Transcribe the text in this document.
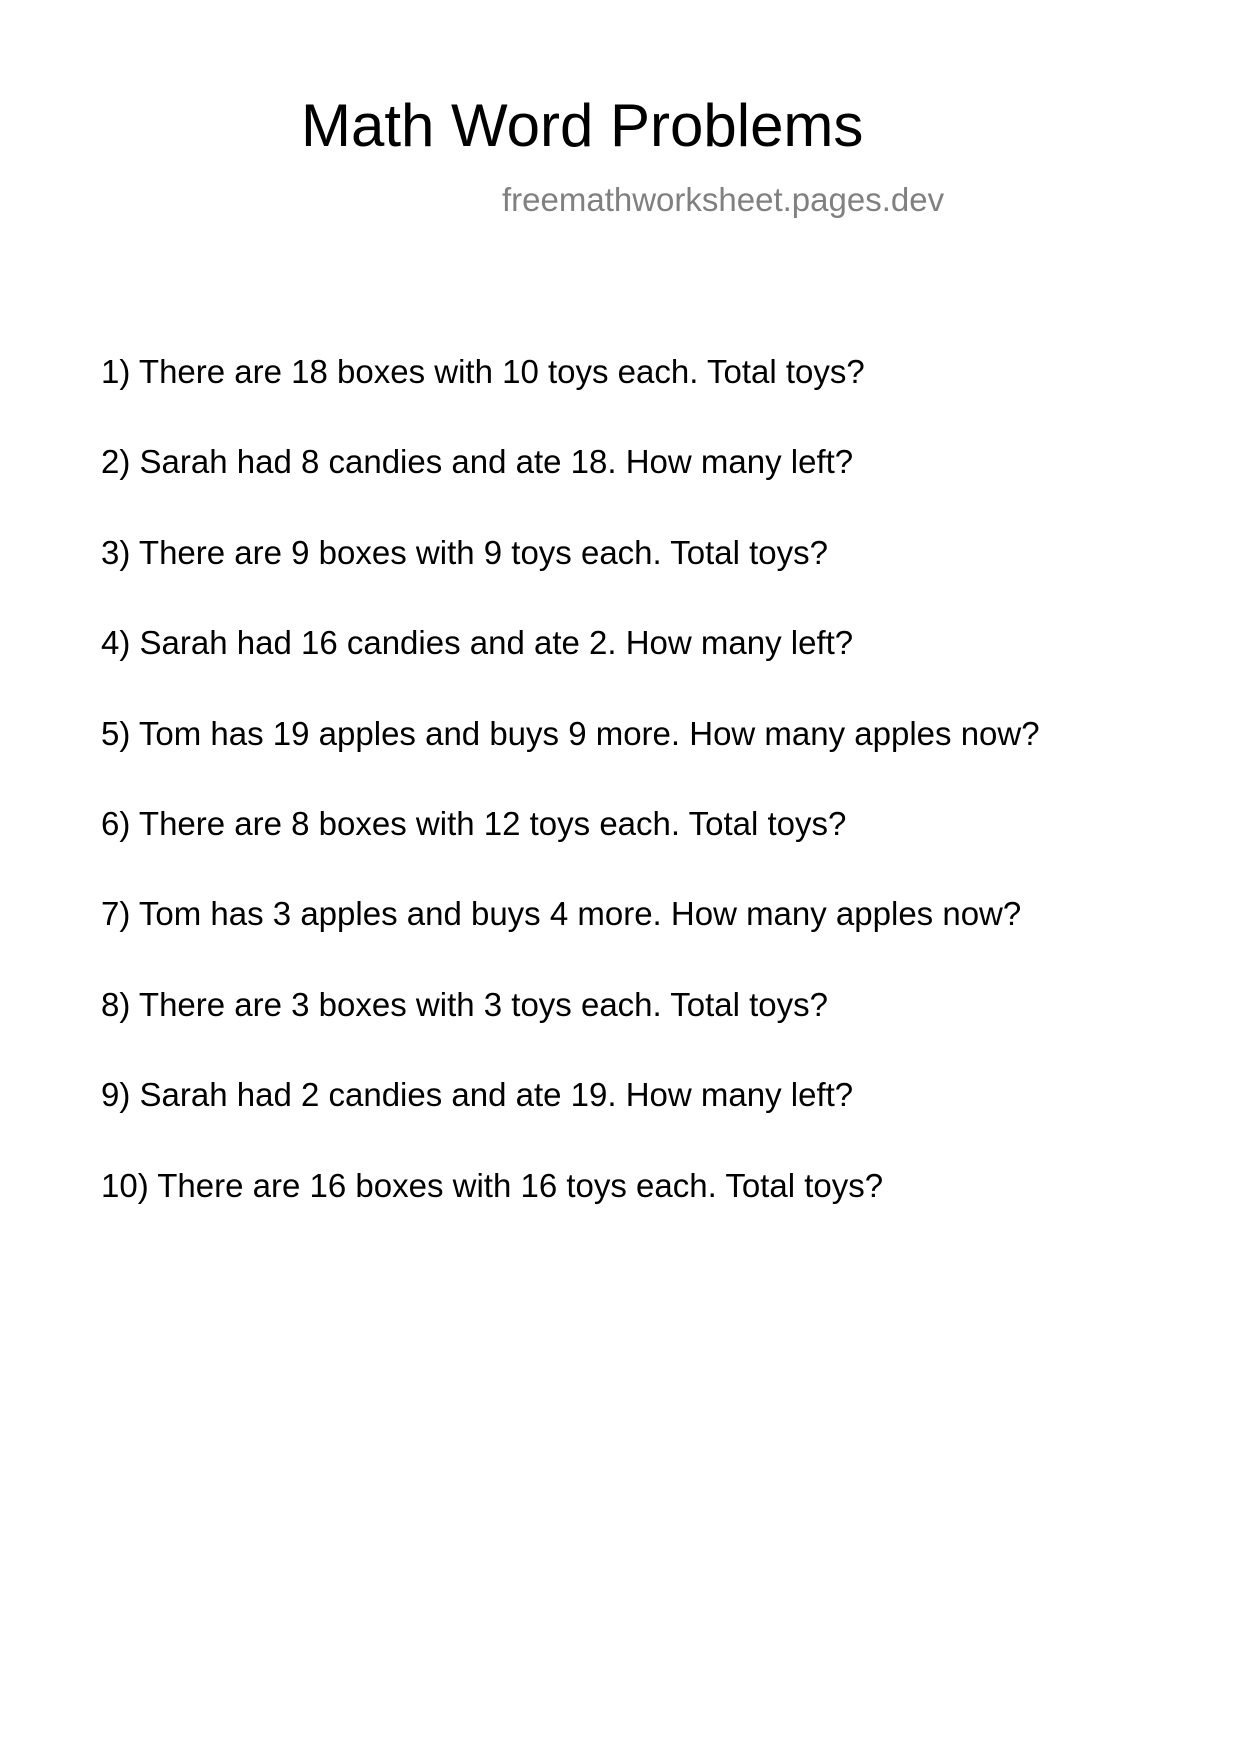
Math Word Problems
freemathworksheet.pages.dev
1) There are 18 boxes with 10 toys each. Total toys?
2) Sarah had 8 candies and ate 18. How many left?
3) There are 9 boxes with 9 toys each. Total toys?
4) Sarah had 16 candies and ate 2. How many left?
5) Tom has 19 apples and buys 9 more. How many apples now?
6) There are 8 boxes with 12 toys each. Total toys?
7) Tom has 3 apples and buys 4 more. How many apples now?
8) There are 3 boxes with 3 toys each. Total toys?
9) Sarah had 2 candies and ate 19. How many left?
10) There are 16 boxes with 16 toys each. Total toys?
